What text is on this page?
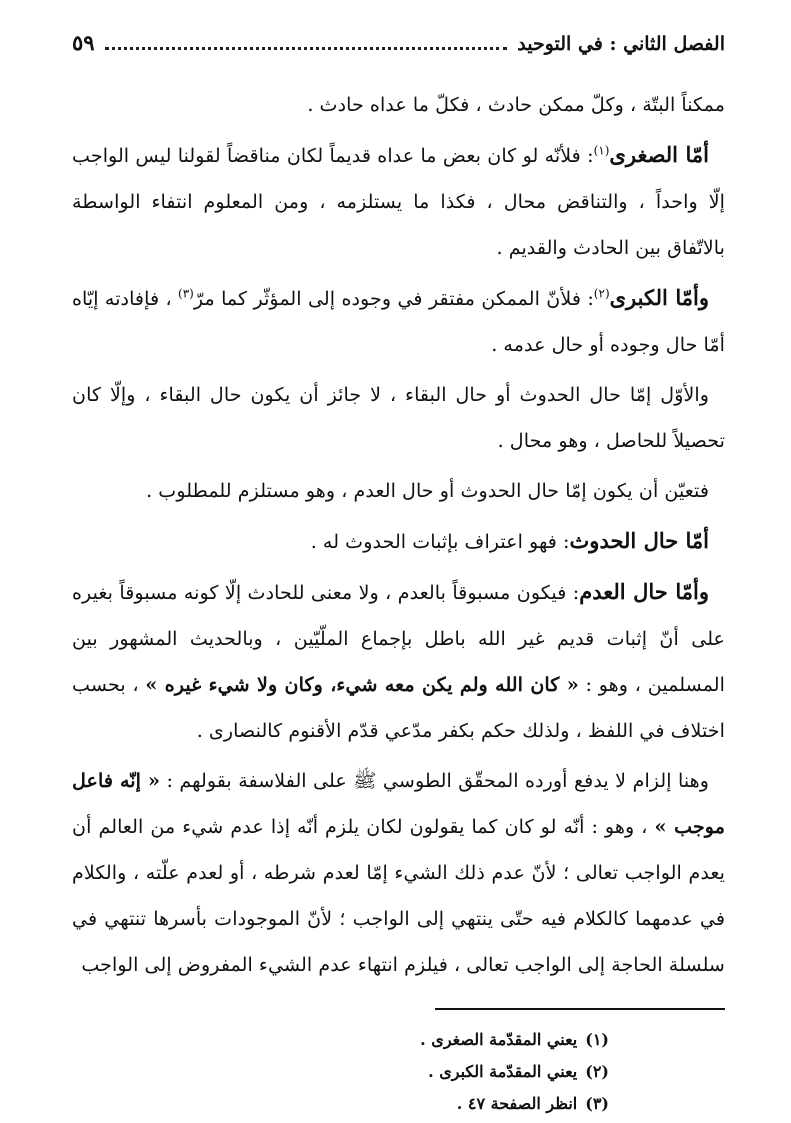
الفصل الثاني : في التوحيد
٥٩

ممكناً البتّة ، وكلّ ممكن حادث ، فكلّ ما عداه حادث .

أمّا الصغرى$^{(١)}$: فلأنّه لو كان بعض ما عداه قديماً لكان مناقضاً لقولنا ليس الواجب إلّا واحداً ، والتناقض محال ، فكذا ما يستلزمه ، ومن المعلوم انتفاء الواسطة بالاتّفاق بين الحادث والقديم .

وأمّا الكبرى$^{(٢)}$: فلأنّ الممكن مفتقر في وجوده إلى المؤثّر كما مرّ$^{(٣)}$ ، فإفادته إيّاه أمّا حال وجوده أو حال عدمه .

والأوّل إمّا حال الحدوث أو حال البقاء ، لا جائز أن يكون حال البقاء ، وإلّا كان تحصيلاً للحاصل ، وهو محال .

فتعيّن أن يكون إمّا حال الحدوث أو حال العدم ، وهو مستلزم للمطلوب .

أمّا حال الحدوث: فهو اعتراف بإثبات الحدوث له .

وأمّا حال العدم: فيكون مسبوقاً بالعدم ، ولا معنى للحادث إلّا كونه مسبوقاً بغيره على أنّ إثبات قديم غير الله باطل بإجماع الملّيّين ، وبالحديث المشهور بين المسلمين ، وهو : « كان الله ولم يكن معه شيء، وكان ولا شيء غيره » ، بحسب اختلاف في اللفظ ، ولذلك حكم بكفر مدّعي قدّم الأقنوم كالنصارى .

وهنا إلزام لا يدفع أورده المحقّق الطوسي ﷺ على الفلاسفة بقولهم : « إنّه فاعل موجب » ، وهو : أنّه لو كان كما يقولون لكان يلزم أنّه إذا عدم شيء من العالم أن يعدم الواجب تعالى ؛ لأنّ عدم ذلك الشيء إمّا لعدم شرطه ، أو لعدم علّته ، والكلام في عدمهما كالكلام فيه حتّى ينتهي إلى الواجب ؛ لأنّ الموجودات بأسرها تنتهي في سلسلة الحاجة إلى الواجب تعالى ، فيلزم انتهاء عدم الشيء المفروض إلى الواجب

(١)يعني المقدّمة الصغرى .
(٢)يعني المقدّمة الكبرى .
(٣)انظر الصفحة ٤٧ .
